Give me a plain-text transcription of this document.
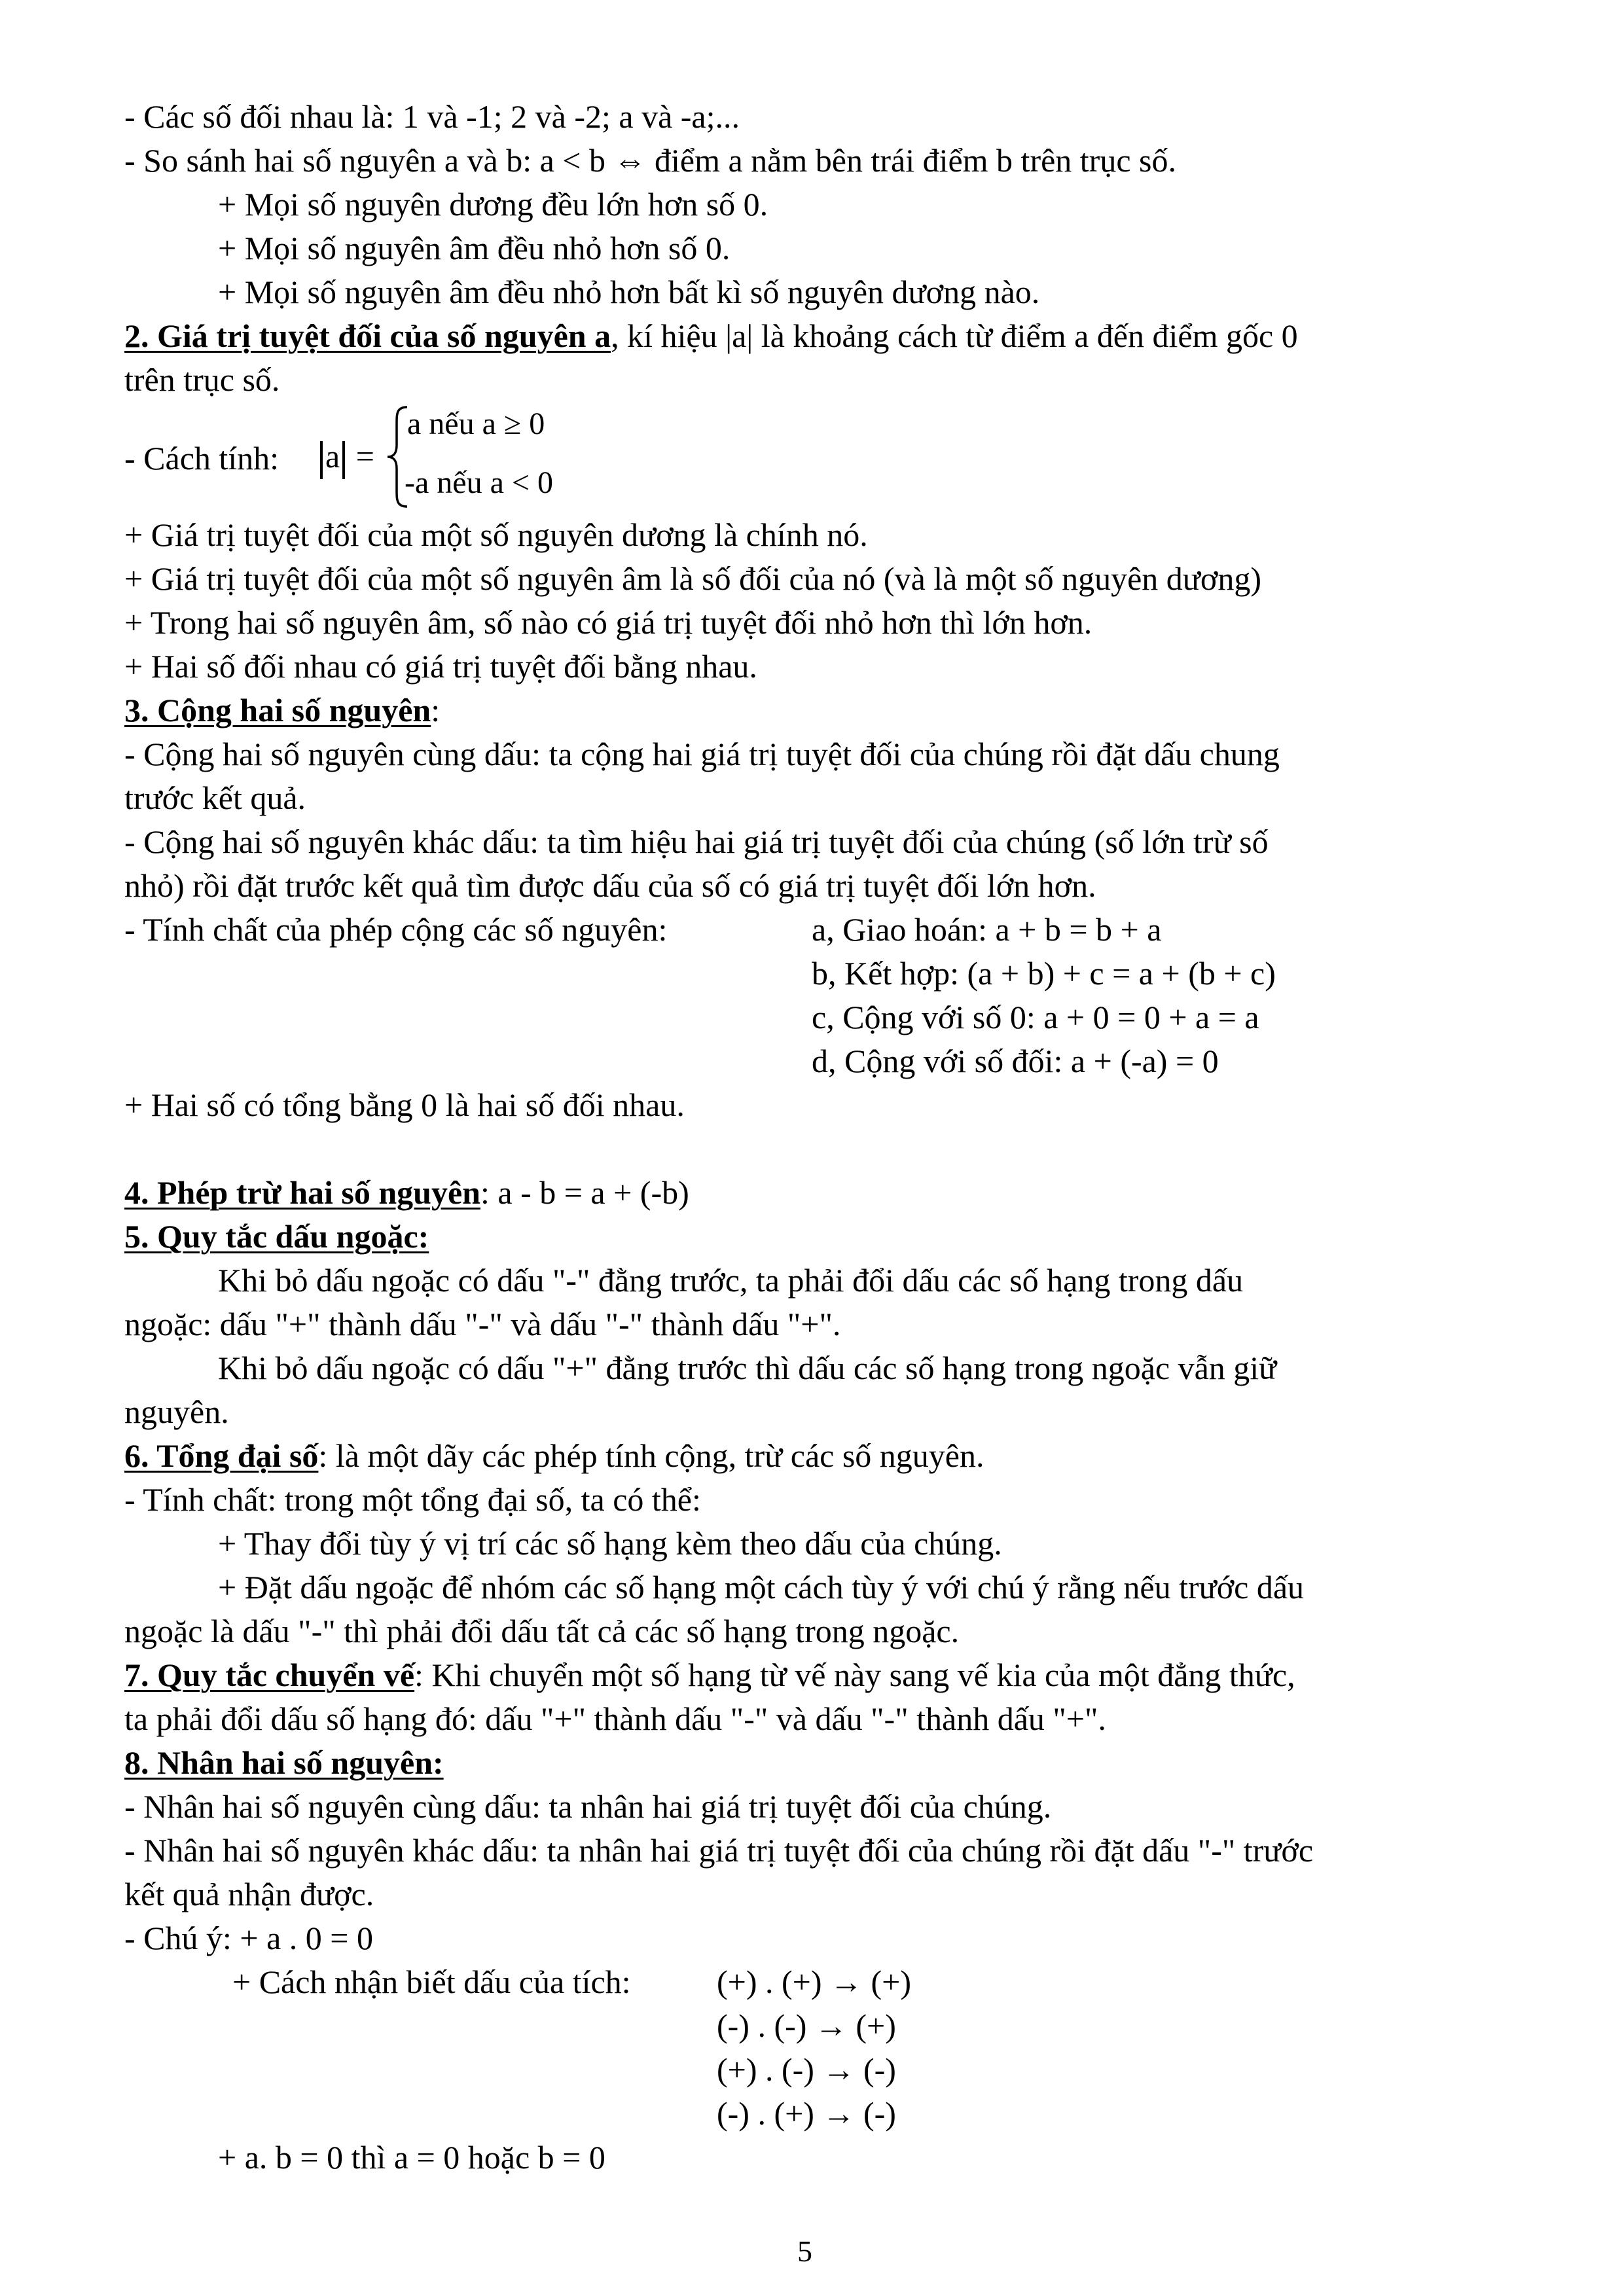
- Các số đối nhau là: 1 và -1; 2 và -2; a và -a;...
- So sánh hai số nguyên a và b: a < b ⇔ điểm a nằm bên trái điểm b trên trục số.
+ Mọi số nguyên dương đều lớn hơn số 0.
+ Mọi số nguyên âm đều nhỏ hơn số 0.
+ Mọi số nguyên âm đều nhỏ hơn bất kì số nguyên dương nào.
2. Giá trị tuyệt đối của số nguyên a, kí hiệu |a| là khoảng cách từ điểm a đến điểm gốc 0
trên trục số.
- Cách tính: a =
a nếu a ≥ 0
-a nếu a < 0
+ Giá trị tuyệt đối của một số nguyên dương là chính nó.
+ Giá trị tuyệt đối của một số nguyên âm là số đối của nó (và là một số nguyên dương)
+ Trong hai số nguyên âm, số nào có giá trị tuyệt đối nhỏ hơn thì lớn hơn.
+ Hai số đối nhau có giá trị tuyệt đối bằng nhau.
3. Cộng hai số nguyên:
- Cộng hai số nguyên cùng dấu: ta cộng hai giá trị tuyệt đối của chúng rồi đặt dấu chung
trước kết quả.
- Cộng hai số nguyên khác dấu: ta tìm hiệu hai giá trị tuyệt đối của chúng (số lớn trừ số
nhỏ) rồi đặt trước kết quả tìm được dấu của số có giá trị tuyệt đối lớn hơn.
- Tính chất của phép cộng các số nguyên:	a, Giao hoán: a + b = b + a
b, Kết hợp: (a + b) + c = a + (b + c)
c, Cộng với số 0: a + 0 = 0 + a = a
d, Cộng với số đối: a + (-a) = 0
+ Hai số có tổng bằng 0 là hai số đối nhau.
4. Phép trừ hai số nguyên: a - b = a + (-b)
5. Quy tắc dấu ngoặc:
Khi bỏ dấu ngoặc có dấu "-" đằng trước, ta phải đổi dấu các số hạng trong dấu
ngoặc: dấu "+" thành dấu "-" và dấu "-" thành dấu "+".
Khi bỏ dấu ngoặc có dấu "+" đằng trước thì dấu các số hạng trong ngoặc vẫn giữ
nguyên.
6. Tổng đại số: là một dãy các phép tính cộng, trừ các số nguyên.
- Tính chất: trong một tổng đại số, ta có thể:
+ Thay đổi tùy ý vị trí các số hạng kèm theo dấu của chúng.
+ Đặt dấu ngoặc để nhóm các số hạng một cách tùy ý với chú ý rằng nếu trước dấu
ngoặc là dấu "-" thì phải đổi dấu tất cả các số hạng trong ngoặc.
7. Quy tắc chuyển vế: Khi chuyển một số hạng từ vế này sang vế kia của một đẳng thức,
ta phải đổi dấu số hạng đó: dấu "+" thành dấu "-" và dấu "-" thành dấu "+".
8. Nhân hai số nguyên:
- Nhân hai số nguyên cùng dấu: ta nhân hai giá trị tuyệt đối của chúng.
- Nhân hai số nguyên khác dấu: ta nhân hai giá trị tuyệt đối của chúng rồi đặt dấu "-" trước
kết quả nhận được.
- Chú ý: + a . 0 = 0
+ Cách nhận biết dấu của tích:	(+) . (+) → (+)
(-) . (-) → (+)
(+) . (-) → (-)
(-) . (+) → (-)
+ a. b = 0 thì a = 0 hoặc b = 0
5
